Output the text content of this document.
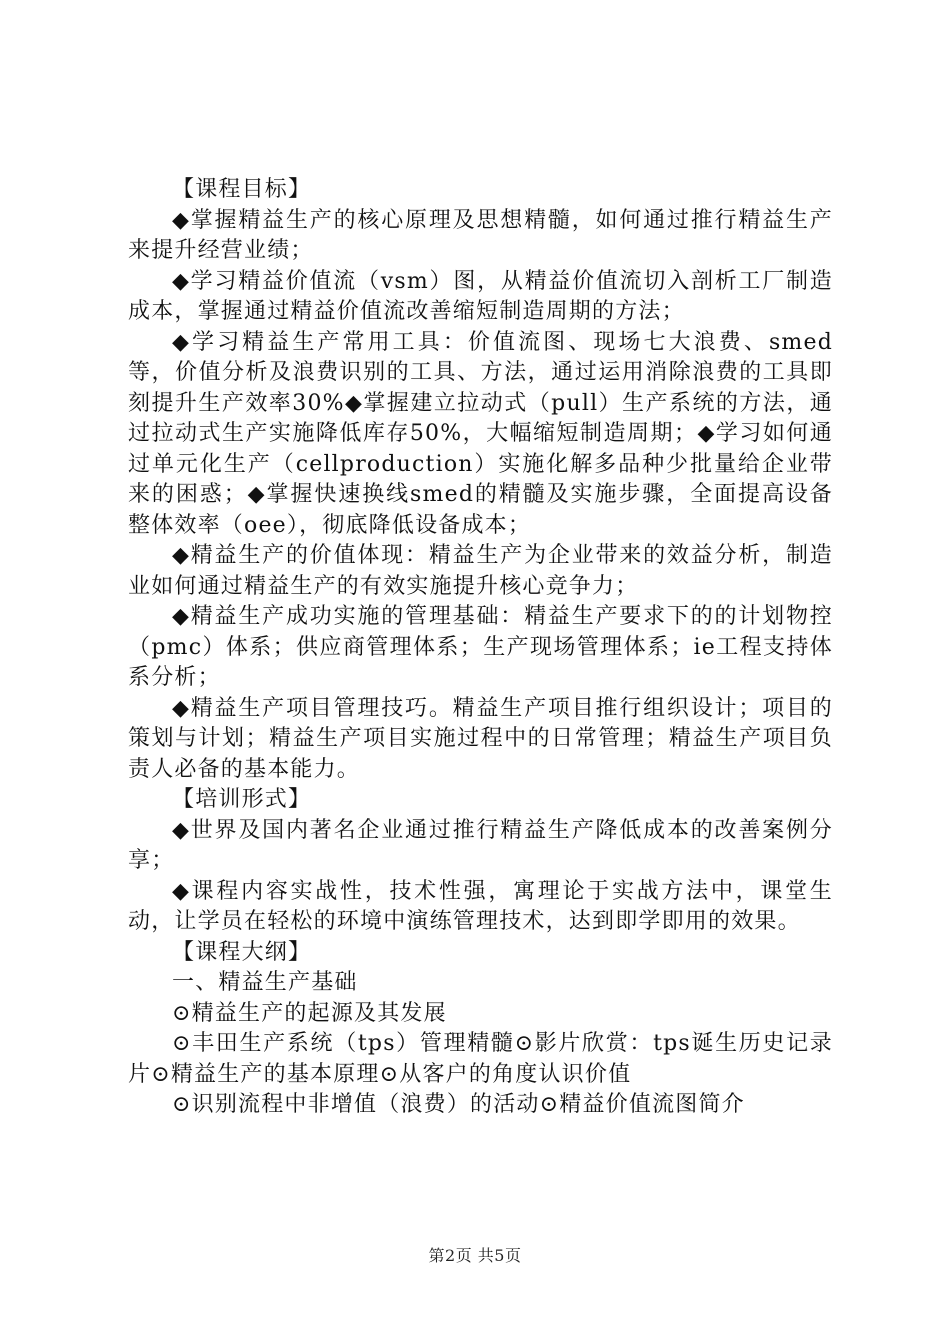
【课程目标】

◆掌握精益生产的核心原理及思想精髓，如何通过推行精益生产来提升经营业绩；

◆学习精益价值流（vsm）图，从精益价值流切入剖析工厂制造成本，掌握通过精益价值流改善缩短制造周期的方法；

◆学习精益生产常用工具：价值流图、现场七大浪费、smed等，价值分析及浪费识别的工具、方法，通过运用消除浪费的工具即刻提升生产效率30%◆掌握建立拉动式（pull）生产系统的方法，通过拉动式生产实施降低库存50%，大幅缩短制造周期；◆学习如何通过单元化生产（cellproduction）实施化解多品种少批量给企业带来的困惑；◆掌握快速换线smed的精髓及实施步骤，全面提高设备整体效率（oee），彻底降低设备成本；

◆精益生产的价值体现：精益生产为企业带来的效益分析，制造业如何通过精益生产的有效实施提升核心竞争力；

◆精益生产成功实施的管理基础：精益生产要求下的的计划物控（pmc）体系；供应商管理体系；生产现场管理体系；ie工程支持体系分析；

◆精益生产项目管理技巧。精益生产项目推行组织设计；项目的策划与计划；精益生产项目实施过程中的日常管理；精益生产项目负责人必备的基本能力。

【培训形式】

◆世界及国内著名企业通过推行精益生产降低成本的改善案例分享；

◆课程内容实战性，技术性强，寓理论于实战方法中，课堂生动，让学员在轻松的环境中演练管理技术，达到即学即用的效果。

【课程大纲】

一、精益生产基础

⊙精益生产的起源及其发展

⊙丰田生产系统（tps）管理精髓⊙影片欣赏：tps诞生历史记录片⊙精益生产的基本原理⊙从客户的角度认识价值

⊙识别流程中非增值（浪费）的活动⊙精益价值流图简介

第2页 共5页
